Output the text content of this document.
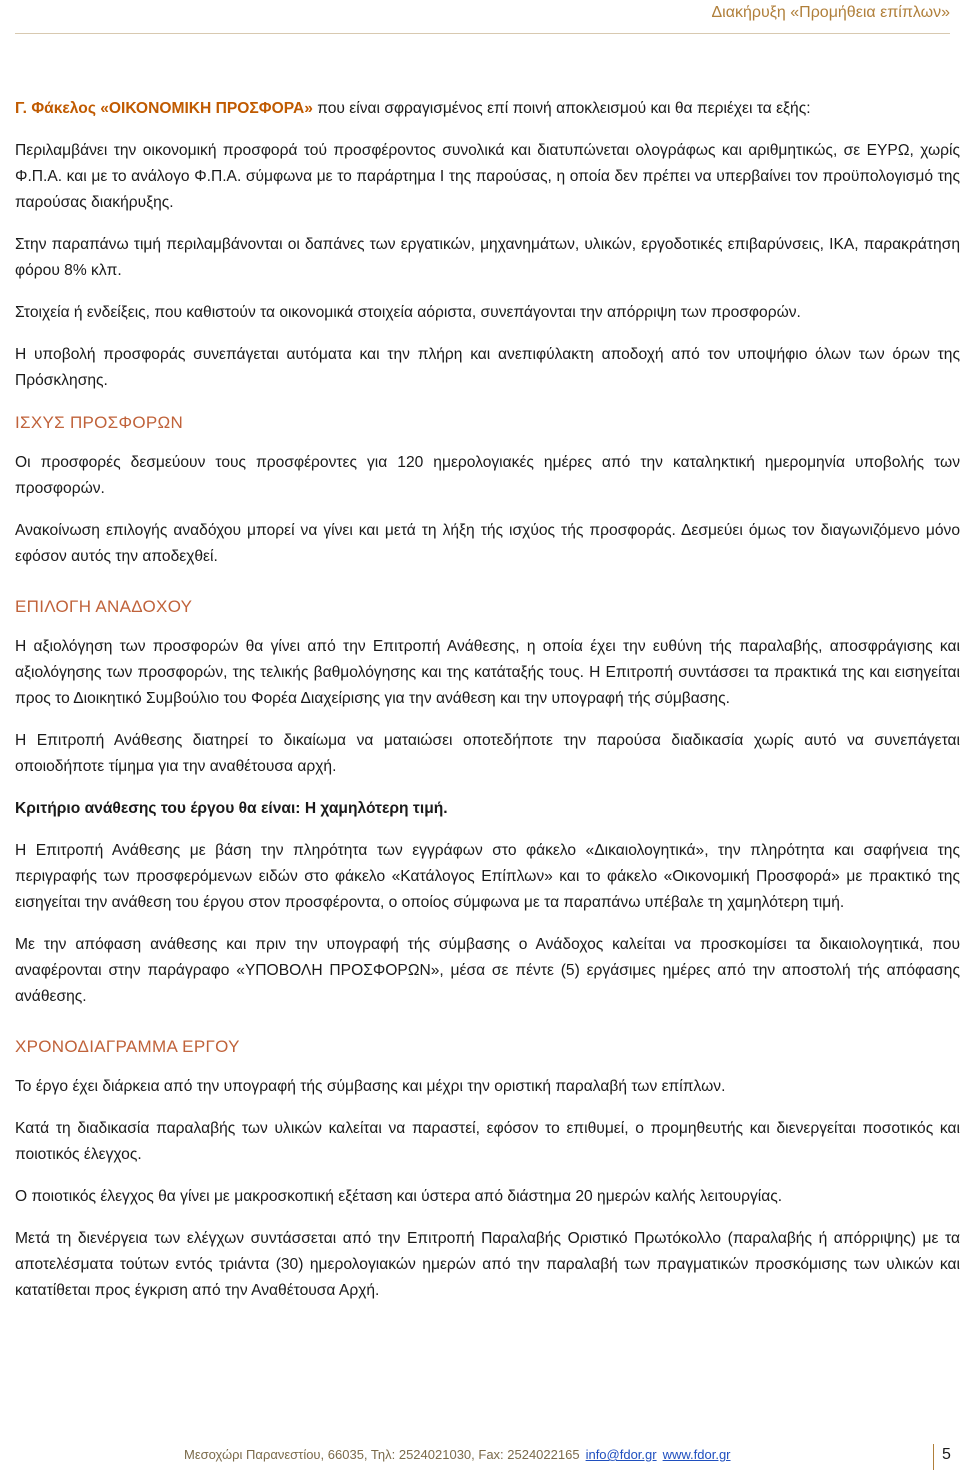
Διακήρυξη «Προμήθεια επίπλων»

Γ. Φάκελος «ΟΙΚΟΝΟΜΙΚΗ ΠΡΟΣΦΟΡΑ» που είναι σφραγισμένος επί ποινή αποκλεισμού και θα περιέχει τα εξής:

Περιλαμβάνει την οικονομική προσφορά τού προσφέροντος συνολικά και διατυπώνεται ολογράφως και αριθμητικώς, σε ΕΥΡΩ, χωρίς Φ.Π.Α. και με το ανάλογο Φ.Π.Α. σύμφωνα με το παράρτημα Ι της παρούσας, η οποία δεν πρέπει να υπερβαίνει τον προϋπολογισμό της παρούσας διακήρυξης.

Στην παραπάνω τιμή περιλαμβάνονται οι δαπάνες των εργατικών, μηχανημάτων, υλικών, εργοδοτικές επιβαρύνσεις, ΙΚΑ, παρακράτηση φόρου 8% κλπ.

Στοιχεία ή ενδείξεις, που καθιστούν τα οικονομικά στοιχεία αόριστα, συνεπάγονται την απόρριψη των προσφορών.

Η υποβολή προσφοράς συνεπάγεται αυτόματα και την πλήρη και ανεπιφύλακτη αποδοχή από τον υποψήφιο όλων των όρων της Πρόσκλησης.

ΙΣΧΥΣ ΠΡΟΣΦΟΡΩΝ

Οι προσφορές δεσμεύουν τους προσφέροντες για 120 ημερολογιακές ημέρες από την καταληκτική ημερομηνία υποβολής των προσφορών.

Ανακοίνωση επιλογής αναδόχου μπορεί να γίνει και μετά τη λήξη τής ισχύος τής προσφοράς. Δεσμεύει όμως τον διαγωνιζόμενο μόνο εφόσον αυτός την αποδεχθεί.

ΕΠΙΛΟΓΗ ΑΝΑΔΟΧΟΥ

Η αξιολόγηση των προσφορών θα γίνει από την Επιτροπή Ανάθεσης, η οποία έχει την ευθύνη τής παραλαβής, αποσφράγισης και αξιολόγησης των προσφορών, της τελικής βαθμολόγησης και της κατάταξής τους. Η Επιτροπή συντάσσει τα πρακτικά της και εισηγείται προς το Διοικητικό Συμβούλιο του Φορέα Διαχείρισης για την ανάθεση και την υπογραφή τής σύμβασης.

Η Επιτροπή Ανάθεσης διατηρεί το δικαίωμα να ματαιώσει οποτεδήποτε την παρούσα διαδικασία χωρίς αυτό να συνεπάγεται οποιοδήποτε τίμημα για την αναθέτουσα αρχή.

Κριτήριο ανάθεσης του έργου θα είναι: Η χαμηλότερη τιμή.

Η Επιτροπή Ανάθεσης με βάση την πληρότητα των εγγράφων στο φάκελο «Δικαιολογητικά», την πληρότητα και σαφήνεια της περιγραφής των προσφερόμενων ειδών στο φάκελο «Κατάλογος Επίπλων» και το φάκελο «Οικονομική Προσφορά» με πρακτικό της εισηγείται την ανάθεση του έργου στον προσφέροντα, ο οποίος σύμφωνα με τα παραπάνω υπέβαλε τη χαμηλότερη τιμή.

Με την απόφαση ανάθεσης και πριν την υπογραφή τής σύμβασης ο Ανάδοχος καλείται να προσκομίσει τα δικαιολογητικά, που αναφέρονται στην παράγραφο «ΥΠΟΒΟΛΗ ΠΡΟΣΦΟΡΩΝ», μέσα σε πέντε (5) εργάσιμες ημέρες από την αποστολή τής απόφασης ανάθεσης.

ΧΡΟΝΟΔΙΑΓΡΑΜΜΑ ΕΡΓΟΥ

Το έργο έχει διάρκεια από την υπογραφή τής σύμβασης και μέχρι την οριστική παραλαβή των επίπλων.

Κατά τη διαδικασία παραλαβής των υλικών καλείται να παραστεί, εφόσον το επιθυμεί, ο προμηθευτής και διενεργείται ποσοτικός και ποιοτικός έλεγχος.

Ο ποιοτικός έλεγχος θα γίνει με μακροσκοπική εξέταση και ύστερα από διάστημα 20 ημερών καλής λειτουργίας.

Μετά τη διενέργεια των ελέγχων συντάσσεται από την Επιτροπή Παραλαβής Οριστικό Πρωτόκολλο (παραλαβής ή απόρριψης) με τα αποτελέσματα τούτων εντός τριάντα (30) ημερολογιακών ημερών από την παραλαβή των πραγματικών προσκόμισης των υλικών και κατατίθεται προς έγκριση από την Αναθέτουσα Αρχή.

Μεσοχώρι Παρανεστίου, 66035, Τηλ: 2524021030, Fax: 2524022165 info@fdor.gr www.fdor.gr	5
